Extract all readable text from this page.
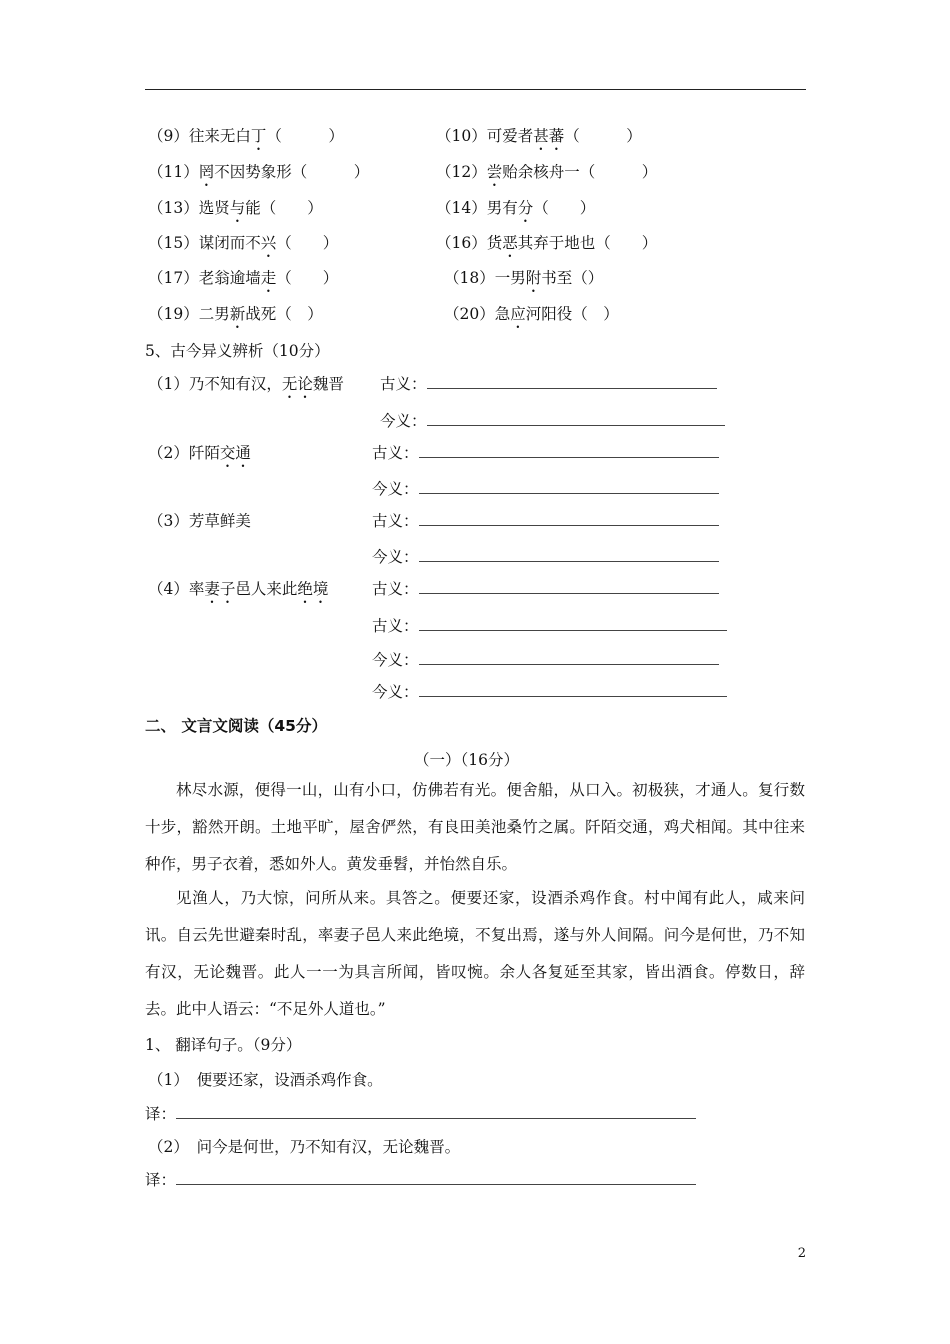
（9）往来无白丁（　　　）	（10）可爱者甚蕃（　　　）
（11）罔不因势象形（　　　）	（12）尝贻余核舟一（　　　）
（13）选贤与能（　　）	（14）男有分（　　）
（15）谋闭而不兴（　　）	（16）货恶其弃于地也（　　）
（17）老翁逾墙走（　　）	（18）一男附书至（）
（19）二男新战死（　）	（20）急应河阳役（　）
5、古今异义辨析（10分）
（1）乃不知有汉，无论魏晋 古义：
今义：
（2）阡陌交通	古义：
今义：
（3）芳草鲜美	古义：
今义：
（4）率妻子邑人来此绝境	古义：
古义：
今义：
今义：
二、 文言文阅读（45分）
（一）（16分）
林尽水源，便得一山，山有小口，仿佛若有光。便舍船，从口入。初极狭，才通人。复行数十步，豁然开朗。土地平旷，屋舍俨然，有良田美池桑竹之属。阡陌交通，鸡犬相闻。其中往来种作，男子衣着，悉如外人。黄发垂髫，并怡然自乐。
见渔人，乃大惊，问所从来。具答之。便要还家，设酒杀鸡作食。村中闻有此人，咸来问讯。自云先世避秦时乱，率妻子邑人来此绝境，不复出焉，遂与外人间隔。问今是何世，乃不知有汉，无论魏晋。此人一一为具言所闻，皆叹惋。余人各复延至其家，皆出酒食。停数日，辞去。此中人语云：“不足外人道也。”
1、 翻译句子。（9分）
（1）　便要还家，设酒杀鸡作食。
译：
（2）　问今是何世，乃不知有汉，无论魏晋。
译：
2
